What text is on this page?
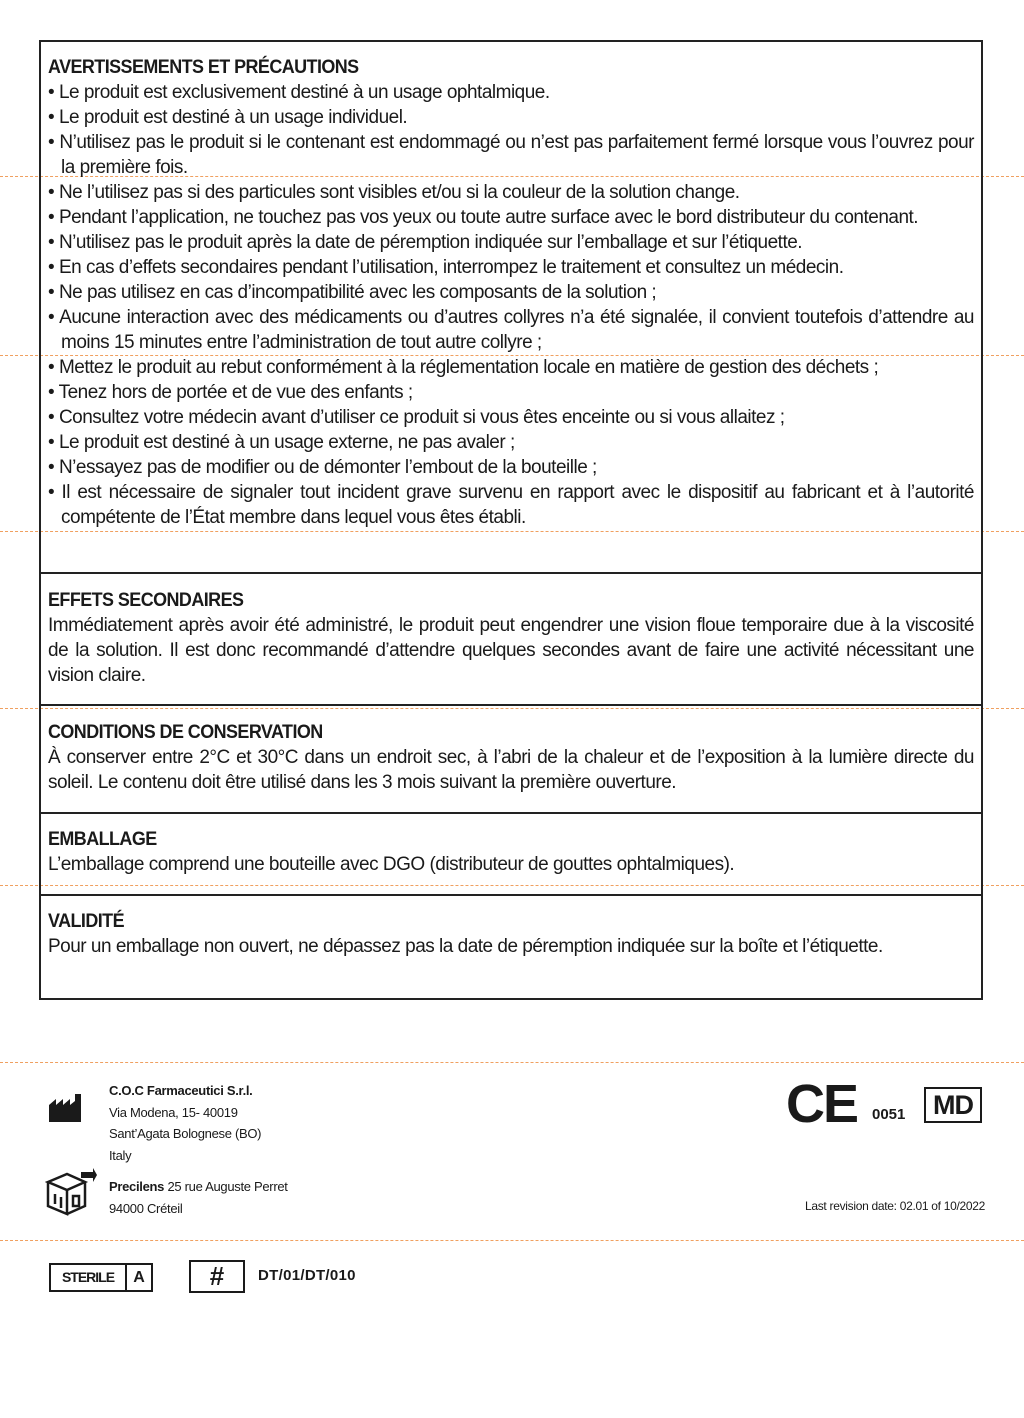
AVERTISSEMENTS ET PRÉCAUTIONS
• Le produit est exclusivement destiné à un usage ophtalmique.
• Le produit est destiné à un usage individuel.
• N’utilisez pas le produit si le contenant est endommagé ou n’est pas parfaitement fermé lorsque vous l’ouvrez pour la première fois.
• Ne l’utilisez pas si des particules sont visibles et/ou si la couleur de la solution change.
• Pendant l’application, ne touchez pas vos yeux ou toute autre surface avec le bord distributeur du contenant.
• N’utilisez pas le produit après la date de péremption indiquée sur l’emballage et sur l’étiquette.
• En cas d’effets secondaires pendant l’utilisation, interrompez le traitement et consultez un médecin.
• Ne pas utilisez en cas d’incompatibilité avec les composants de la solution ;
• Aucune interaction avec des médicaments ou d’autres collyres n’a été signalée, il convient toutefois d’attendre au moins 15 minutes entre l’administration de tout autre collyre ;
• Mettez le produit au rebut conformément à la réglementation locale en matière de gestion des déchets ;
• Tenez hors de portée et de vue des enfants ;
• Consultez votre médecin avant d’utiliser ce produit si vous êtes enceinte ou si vous allaitez ;
• Le produit est destiné à un usage externe, ne pas avaler ;
• N’essayez pas de modifier ou de démonter l’embout de la bouteille ;
• Il est nécessaire de signaler tout incident grave survenu en rapport avec le dispositif au fabricant et à l’autorité compétente de l’État membre dans lequel vous êtes établi.
EFFETS SECONDAIRES

Immédiatement après avoir été administré, le produit peut engendrer une vision floue temporaire due à la viscosité de la solution. Il est donc recommandé d’attendre quelques secondes avant de faire une activité nécessitant une vision claire.

CONDITIONS DE CONSERVATION

À conserver entre 2°C et 30°C dans un endroit sec, à l’abri de la chaleur et de l’exposition à la lumière directe du soleil. Le contenu doit être utilisé dans les 3 mois suivant la première ouverture.

EMBALLAGE

L’emballage comprend une bouteille avec DGO (distributeur de gouttes ophtalmiques).

VALIDITÉ

Pour un emballage non ouvert, ne dépassez pas la date de péremption indiquée sur la boîte et l’étiquette.

C.O.C Farmaceutici S.r.l.
Via Modena, 15- 40019
Sant’Agata Bolognese (BO)
Italy
Precilens 25 rue Auguste Perret
94000 Créteil
CE 0051	MD
Last revision date: 02.01 of 10/2022
STERILE	A	#	DT/01/DT/010
